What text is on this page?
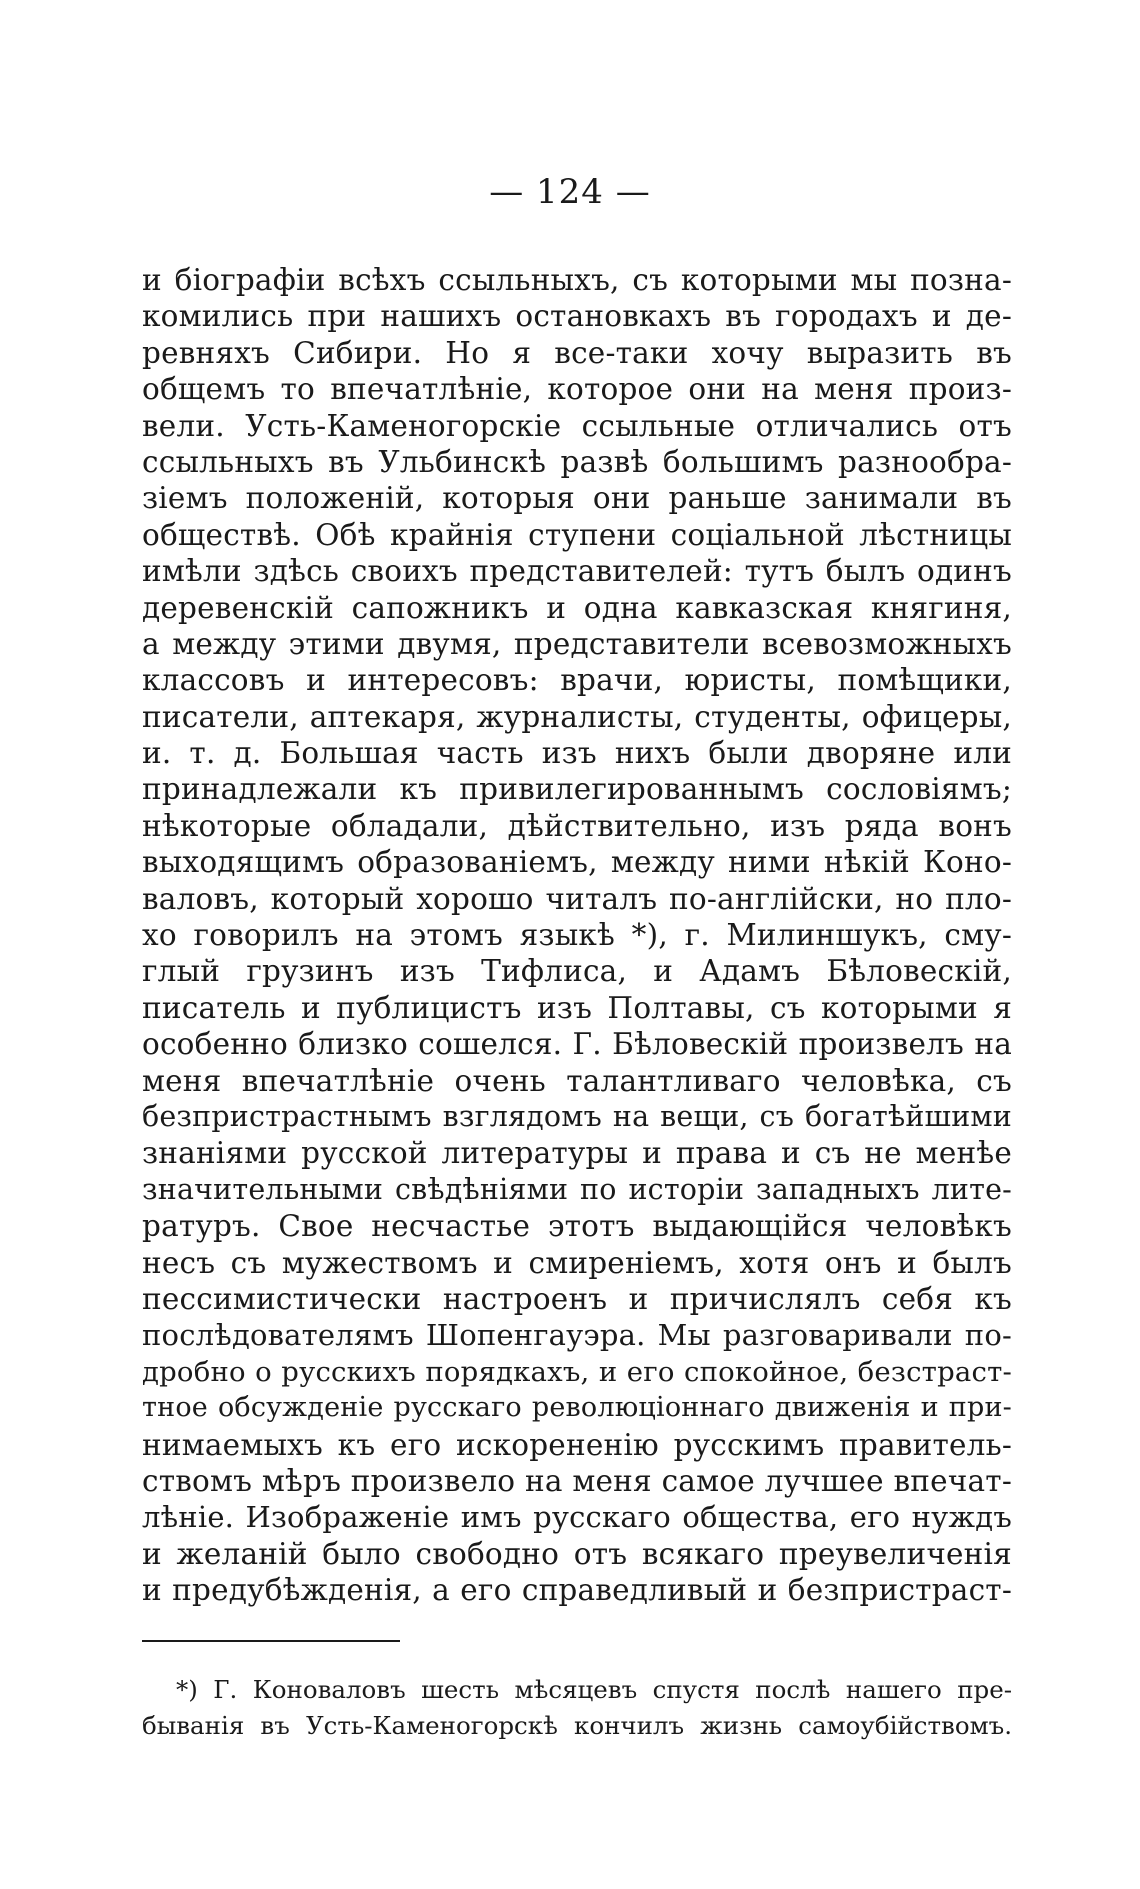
— 124 —
и біографіи всѣхъ ссыльныхъ, съ которыми мы позна-
комились при нашихъ остановкахъ въ городахъ и де-
ревняхъ Сибири. Но я все-таки хочу выразить въ
общемъ то впечатлѣніе, которое они на меня произ-
вели. Усть-Каменогорскіе ссыльные отличались отъ
ссыльныхъ въ Ульбинскѣ развѣ большимъ разнообра-
зіемъ положеній, которыя они раньше занимали въ
обществѣ. Обѣ крайнія ступени соціальной лѣстницы
имѣли здѣсь своихъ представителей: тутъ былъ одинъ
деревенскій сапожникъ и одна кавказская княгиня,
а между этими двумя, представители всевозможныхъ
классовъ и интересовъ: врачи, юристы, помѣщики,
писатели, аптекаря, журналисты, студенты, офицеры,
и. т. д. Большая часть изъ нихъ были дворяне или
принадлежали къ привилегированнымъ сословіямъ;
нѣкоторые обладали, дѣйствительно, изъ ряда вонъ
выходящимъ образованіемъ, между ними нѣкій Коно-
валовъ, который хорошо читалъ по-англійски, но пло-
хо говорилъ на этомъ языкѣ *), г. Милиншукъ, сму-
глый грузинъ изъ Тифлиса, и Адамъ Бѣловескій,
писатель и публицистъ изъ Полтавы, съ которыми я
особенно близко сошелся. Г. Бѣловескій произвелъ на
меня впечатлѣніе очень талантливаго человѣка, съ
безпристрастнымъ взглядомъ на вещи, съ богатѣйшими
знаніями русской литературы и права и съ не менѣе
значительными свѣдѣніями по исторіи западныхъ лите-
ратуръ. Свое несчастье этотъ выдающійся человѣкъ
несъ съ мужествомъ и смиреніемъ, хотя онъ и былъ
пессимистически настроенъ и причислялъ себя къ
послѣдователямъ Шопенгауэра. Мы разговаривали по-
дробно о русскихъ порядкахъ, и его спокойное, безстраст-
тное обсужденіе русскаго революціоннаго движенія и при-
нимаемыхъ къ его искорененію русскимъ правитель-
ствомъ мѣръ произвело на меня самое лучшее впечат-
лѣніе. Изображеніе имъ русскаго общества, его нуждъ
и желаній было свободно отъ всякаго преувеличенія
и предубѣжденія, а его справедливый и безпристраст-
*) Г. Коноваловъ шесть мѣсяцевъ спустя послѣ нашего пре-
быванія въ Усть-Каменогорскѣ кончилъ жизнь самоубійствомъ.
